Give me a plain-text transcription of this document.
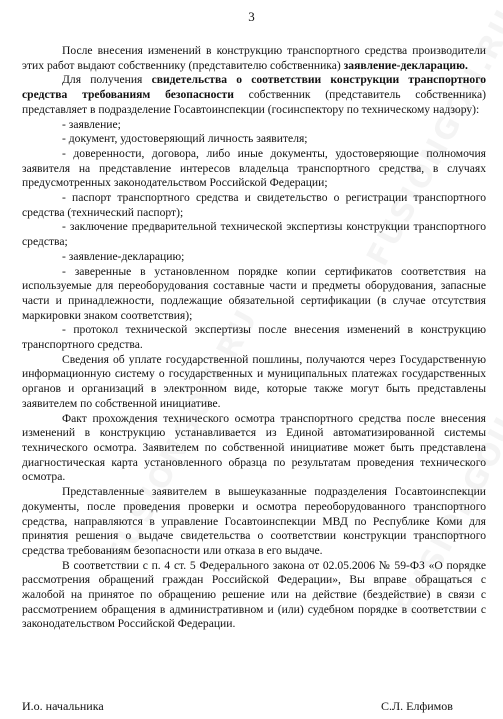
3

После внесения изменений в конструкцию транспортного средства производители этих работ выдают собственнику (представителю собственника) заявление-декларацию.

Для получения свидетельства о соответствии конструкции транспортного средства требованиям безопасности собственник (представитель собственника) представляет в подразделение Госавтоинспекции (госинспектору по техническому надзору):

- заявление;

- документ, удостоверяющий личность заявителя;

- доверенности, договора, либо иные документы, удостоверяющие полномочия заявителя на представление интересов владельца транспортного средства, в случаях предусмотренных законодательством Российской Федерации;

- паспорт транспортного средства и свидетельство о регистрации транспортного средства (технический паспорт);

- заключение предварительной технической экспертизы конструкции транспортного средства;

- заявление-декларацию;

- заверенные в установленном порядке копии сертификатов соответствия на используемые для переоборудования составные части и предметы оборудования, запасные части и принадлежности, подлежащие обязательной сертификации (в случае отсутствия маркировки знаком соответствия);

- протокол технической экспертизы после внесения изменений в конструкцию транспортного средства.

Сведения об уплате государственной пошлины, получаются через Государственную информационную систему о государственных и муниципальных платежах государственных органов и организаций в электронном виде, которые также могут быть представлены заявителем по собственной инициативе.

Факт прохождения технического осмотра транспортного средства после внесения изменений в конструкцию устанавливается из Единой автоматизированной системы технического осмотра. Заявителем по собственной инициативе может быть представлена диагностическая карта установленного образца по результатам проведения технического осмотра.

Представленные заявителем в вышеуказанные подразделения Госавтоинспекции документы, после проведения проверки и осмотра переоборудованного транспортного средства, направляются в управление Госавтоинспекции МВД по Республике Коми для принятия решения о выдаче свидетельства о соответствии конструкции транспортного средства требованиям безопасности или отказа в его выдаче.

В соответствии с п. 4 ст. 5 Федерального закона от 02.05.2006 № 59-ФЗ «О порядке рассмотрения обращений граждан Российской Федерации», Вы вправе обращаться с жалобой на принятое по обращению решение или на действие (бездействие) в связи с рассмотрением обращения в административном и (или) судебном порядке в соответствии с законодательством Российской Федерации.

И.о. начальника	С.Л. Елфимов
